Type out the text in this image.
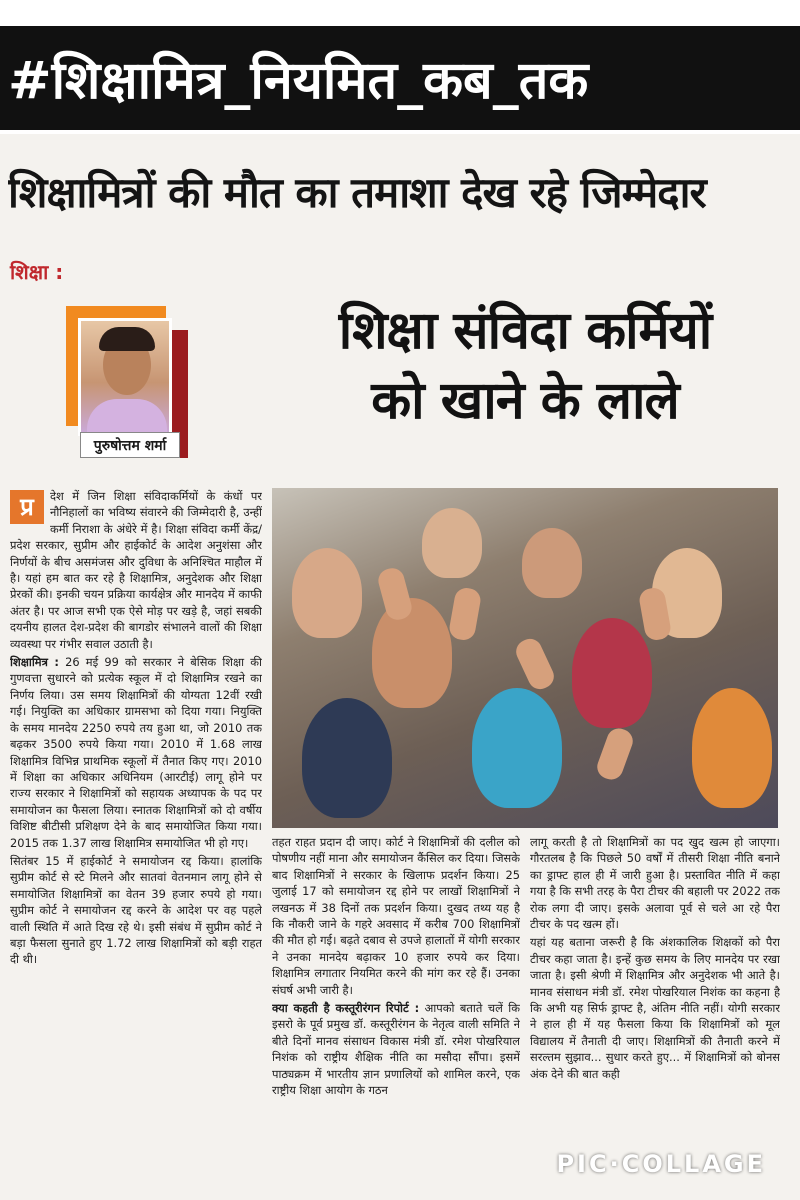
#शिक्षामित्र_नियमित_कब_तक
शिक्षामित्रों की मौत का तमाशा देख रहे जिम्मेदार
शिक्षा :
पुरुषोत्तम शर्मा
शिक्षा संविदा कर्मियों
को खाने के लाले

प्र	देश में जिन शिक्षा संविदाकर्मियों के कंधों पर नौनिहालों का भविष्य संवारने की जिम्मेदारी है, उन्हीं कर्मी निराशा के अंधेरे में है। शिक्षा संविदा कर्मी केंद्र/प्रदेश सरकार, सुप्रीम और हाईकोर्ट के आदेश अनुशंसा और निर्णयों के बीच असमंजस और दुविधा के अनिश्चित माहौल में है। यहां हम बात कर रहे है शिक्षामित्र, अनुदेशक और शिक्षा प्रेरकों की। इनकी चयन प्रक्रिया कार्यक्षेत्र और मानदेय में काफी अंतर है। पर आज सभी एक ऐसे मोड़ पर खड़े है, जहां सबकी दयनीय हालत देश-प्रदेश की बागडोर संभालने वालों की शिक्षा व्यवस्था पर गंभीर सवाल उठाती है।

शिक्षामित्र : 26 मई 99 को सरकार ने बेसिक शिक्षा की गुणवत्ता सुधारने को प्रत्येक स्कूल में दो शिक्षामित्र रखने का निर्णय लिया। उस समय शिक्षामित्रों की योग्यता 12वीं रखी गई। नियुक्ति का अधिकार ग्रामसभा को दिया गया। नियुक्ति के समय मानदेय 2250 रुपये तय हुआ था, जो 2010 तक बढ़कर 3500 रुपये किया गया। 2010 में 1.68 लाख शिक्षामित्र विभिन्न प्राथमिक स्कूलों में तैनात किए गए। 2010 में शिक्षा का अधिकार अधिनियम (आरटीई) लागू होने पर राज्य सरकार ने शिक्षामित्रों को सहायक अध्यापक के पद पर समायोजन का फैसला लिया। स्नातक शिक्षामित्रों को दो वर्षीय विशिष्ट बीटीसी प्रशिक्षण देने के बाद समायोजित किया गया। 2015 तक 1.37 लाख शिक्षामित्र समायोजित भी हो गए।

सितंबर 15 में हाईकोर्ट ने समायोजन रद्द किया। हालांकि सुप्रीम कोर्ट से स्टे मिलने और सातवां वेतनमान लागू होने से समायोजित शिक्षामित्रों का वेतन 39 हजार रुपये हो गया। सुप्रीम कोर्ट ने समायोजन रद्द करने के आदेश पर वह पहले वाली स्थिति में आते दिख रहे थे। इसी संबंध में सुप्रीम कोर्ट ने बड़ा फैसला सुनाते हुए 1.72 लाख शिक्षामित्रों को बड़ी राहत दी थी।

तहत राहत प्रदान दी जाए। कोर्ट ने शिक्षामित्रों की दलील को पोषणीय नहीं माना और समायोजन कैंसिल कर दिया। जिसके बाद शिक्षामित्रों ने सरकार के खिलाफ प्रदर्शन किया। 25 जुलाई 17 को समायोजन रद्द होने पर लाखों शिक्षामित्रों ने लखनऊ में 38 दिनों तक प्रदर्शन किया। दुखद तथ्य यह है कि नौकरी जाने के गहरे अवसाद में करीब 700 शिक्षामित्रों की मौत हो गई। बढ़ते दबाव से उपजे हालातों में योगी सरकार ने उनका मानदेय बढ़ाकर 10 हजार रुपये कर दिया। शिक्षामित्र लगातार नियमित करने की मांग कर रहे हैं। उनका संघर्ष अभी जारी है।

क्या कहती है कस्तूरीरंगन रिपोर्ट : आपको बताते चलें कि इसरो के पूर्व प्रमुख डॉ. कस्तूरीरंगन के नेतृत्व वाली समिति ने बीते दिनों मानव संसाधन विकास मंत्री डॉ. रमेश पोखरियाल निशंक को राष्ट्रीय शैक्षिक नीति का मसौदा सौंपा। इसमें पाठ्यक्रम में भारतीय ज्ञान प्रणालियों को शामिल करने, एक राष्ट्रीय शिक्षा आयोग के गठन

लागू करती है तो शिक्षामित्रों का पद खुद खत्म हो जाएगा। गौरतलब है कि पिछले 50 वर्षों में तीसरी शिक्षा नीति बनाने का ड्राफ्ट हाल ही में जारी हुआ है। प्रस्तावित नीति में कहा गया है कि सभी तरह के पैरा टीचर की बहाली पर 2022 तक रोक लगा दी जाए। इसके अलावा पूर्व से चले आ रहे पैरा टीचर के पद खत्म हों।

यहां यह बताना जरूरी है कि अंशकालिक शिक्षकों को पैरा टीचर कहा जाता है। इन्हें कुछ समय के लिए मानदेय पर रखा जाता है। इसी श्रेणी में शिक्षामित्र और अनुदेशक भी आते है। मानव संसाधन मंत्री डॉ. रमेश पोखरियाल निशंक का कहना है कि अभी यह सिर्फ ड्राफ्ट है, अंतिम नीति नहीं। योगी सरकार ने हाल ही में यह फैसला किया कि शिक्षामित्रों को मूल विद्यालय में तैनाती दी जाए। शिक्षामित्रों की तैनाती करने में सरल्तम सुझाव... सुधार करते हुए... में शिक्षामित्रों को बोनस अंक देने की बात कही

PIC·COLLAGE
